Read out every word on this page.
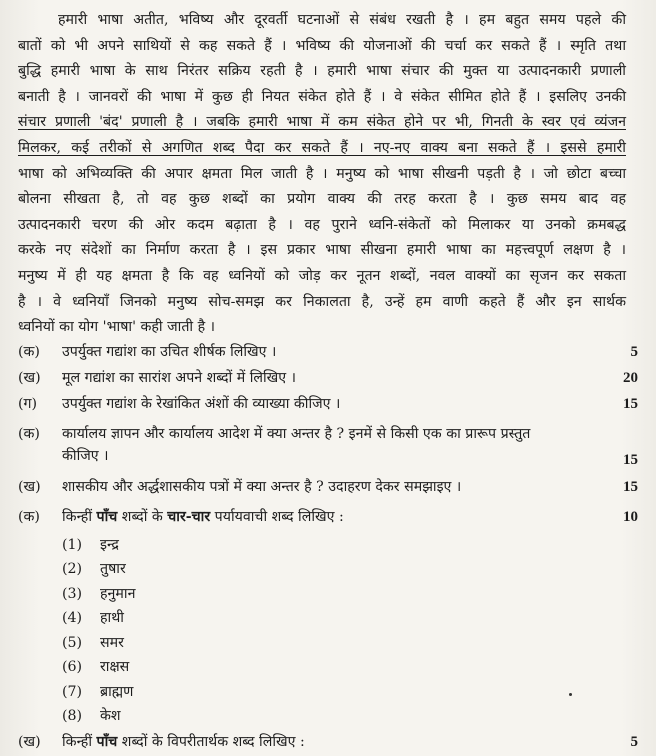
हमारी भाषा अतीत, भविष्य और दूरवर्ती घटनाओं से संबंध रखती है । हम बहुत समय पहले की
बातों को भी अपने साथियों से कह सकते हैं । भविष्य की योजनाओं की चर्चा कर सकते हैं । स्मृति तथा
बुद्धि हमारी भाषा के साथ निरंतर सक्रिय रहती है । हमारी भाषा संचार की मुक्त या उत्पादनकारी प्रणाली
बनाती है । जानवरों की भाषा में कुछ ही नियत संकेत होते हैं । वे संकेत सीमित होते हैं । इसलिए उनकी
संचार प्रणाली 'बंद' प्रणाली है । जबकि हमारी भाषा में कम संकेत होने पर भी, गिनती के स्वर एवं व्यंजन
मिलकर, कई तरीकों से अगणित शब्द पैदा कर सकते हैं । नए-नए वाक्य बना सकते हैं । इससे हमारी
भाषा को अभिव्यक्ति की अपार क्षमता मिल जाती है । मनुष्य को भाषा सीखनी पड़ती है । जो छोटा बच्चा
बोलना सीखता है, तो वह कुछ शब्दों का प्रयोग वाक्य की तरह करता है । कुछ समय बाद वह
उत्पादनकारी चरण की ओर कदम बढ़ाता है । वह पुराने ध्वनि-संकेतों को मिलाकर या उनको क्रमबद्ध
करके नए संदेशों का निर्माण करता है । इस प्रकार भाषा सीखना हमारी भाषा का महत्त्वपूर्ण लक्षण है ।
मनुष्य में ही यह क्षमता है कि वह ध्वनियों को जोड़ कर नूतन शब्दों, नवल वाक्यों का सृजन कर सकता
है । वे ध्वनियाँ जिनको मनुष्य सोच-समझ कर निकालता है, उन्हें हम वाणी कहते हैं और इन सार्थक
ध्वनियों का योग 'भाषा' कही जाती है ।
(क) उपर्युक्त गद्यांश का उचित शीर्षक लिखिए ।	5
(ख) मूल गद्यांश का सारांश अपने शब्दों में लिखिए ।	20
(ग) उपर्युक्त गद्यांश के रेखांकित अंशों की व्याख्या कीजिए ।	15
(क) कार्यालय ज्ञापन और कार्यालय आदेश में क्या अन्तर है ? इनमें से किसी एक का प्रारूप प्रस्तुत
कीजिए ।	15
(ख) शासकीय और अर्द्धशासकीय पत्रों में क्या अन्तर है ? उदाहरण देकर समझाइए ।	15
(क) किन्हीं पाँच शब्दों के चार-चार पर्यायवाची शब्द लिखिए :	10
(1) इन्द्र
(2) तुषार
(3) हनुमान
(4) हाथी
(5) समर
(6) राक्षस
(7) ब्राह्मण
(8) केश
(ख) किन्हीं पाँच शब्दों के विपरीतार्थक शब्द लिखिए :	5
